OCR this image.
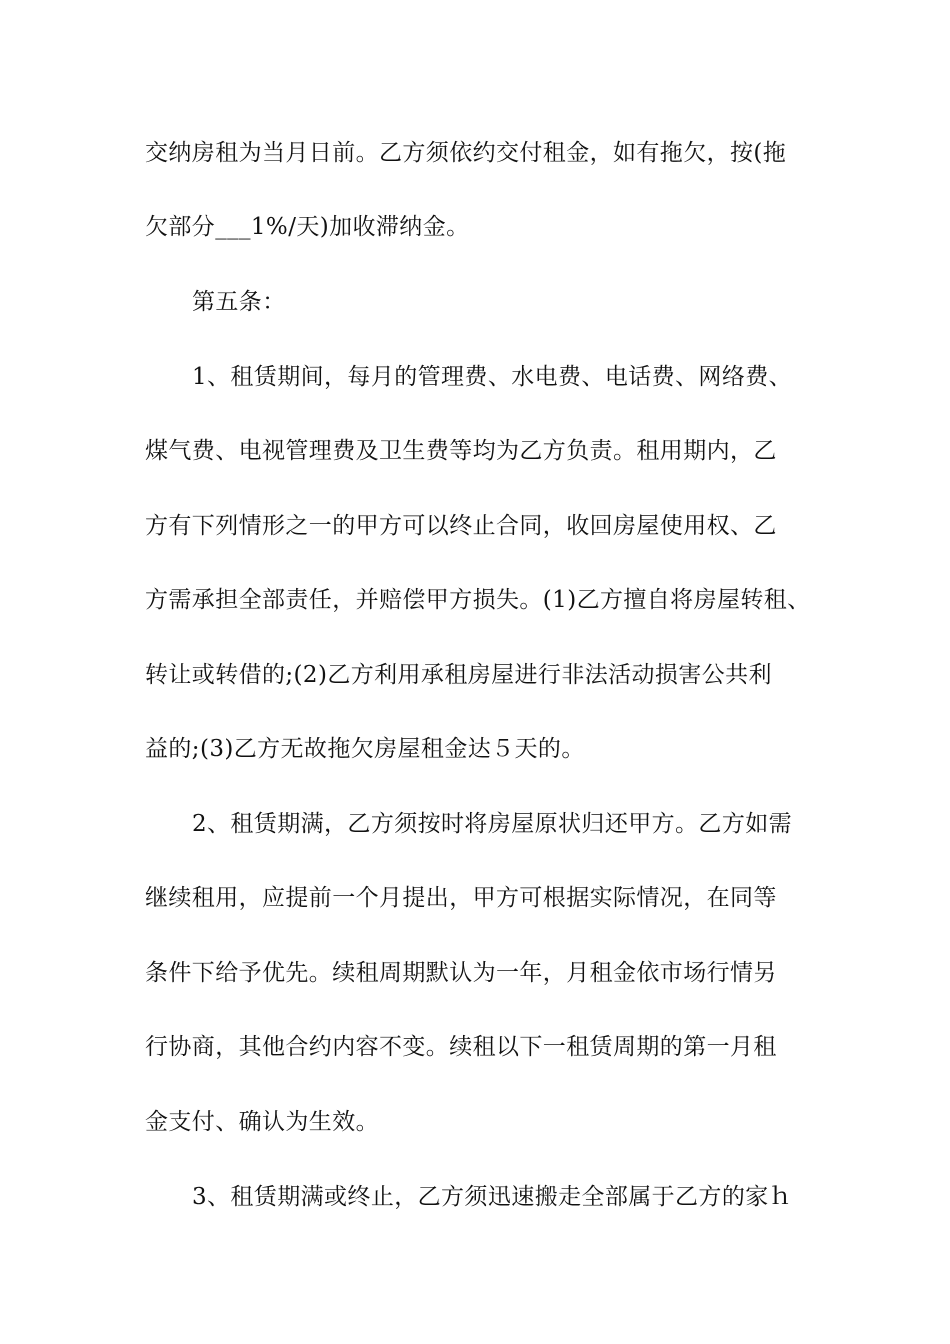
交纳房租为当月日前。乙方须依约交付租金，如有拖欠，按(拖
欠部分___1%/天)加收滞纳金。
第五条：
1、租赁期间，每月的管理费、水电费、电话费、网络费、
煤气费、电视管理费及卫生费等均为乙方负责。租用期内，乙
方有下列情形之一的甲方可以终止合同，收回房屋使用权、乙
方需承担全部责任，并赔偿甲方损失。(1)乙方擅自将房屋转租、
转让或转借的;(2)乙方利用承租房屋进行非法活动损害公共利
益的;(3)乙方无故拖欠房屋租金达５天的。
2、租赁期满，乙方须按时将房屋原状归还甲方。乙方如需
继续租用，应提前一个月提出，甲方可根据实际情况，在同等
条件下给予优先。续租周期默认为一年，月租金依市场行情另
行协商，其他合约内容不变。续租以下一租赁周期的第一月租
金支付、确认为生效。
3、租赁期满或终止，乙方须迅速搬走全部属于乙方的家ｈ
